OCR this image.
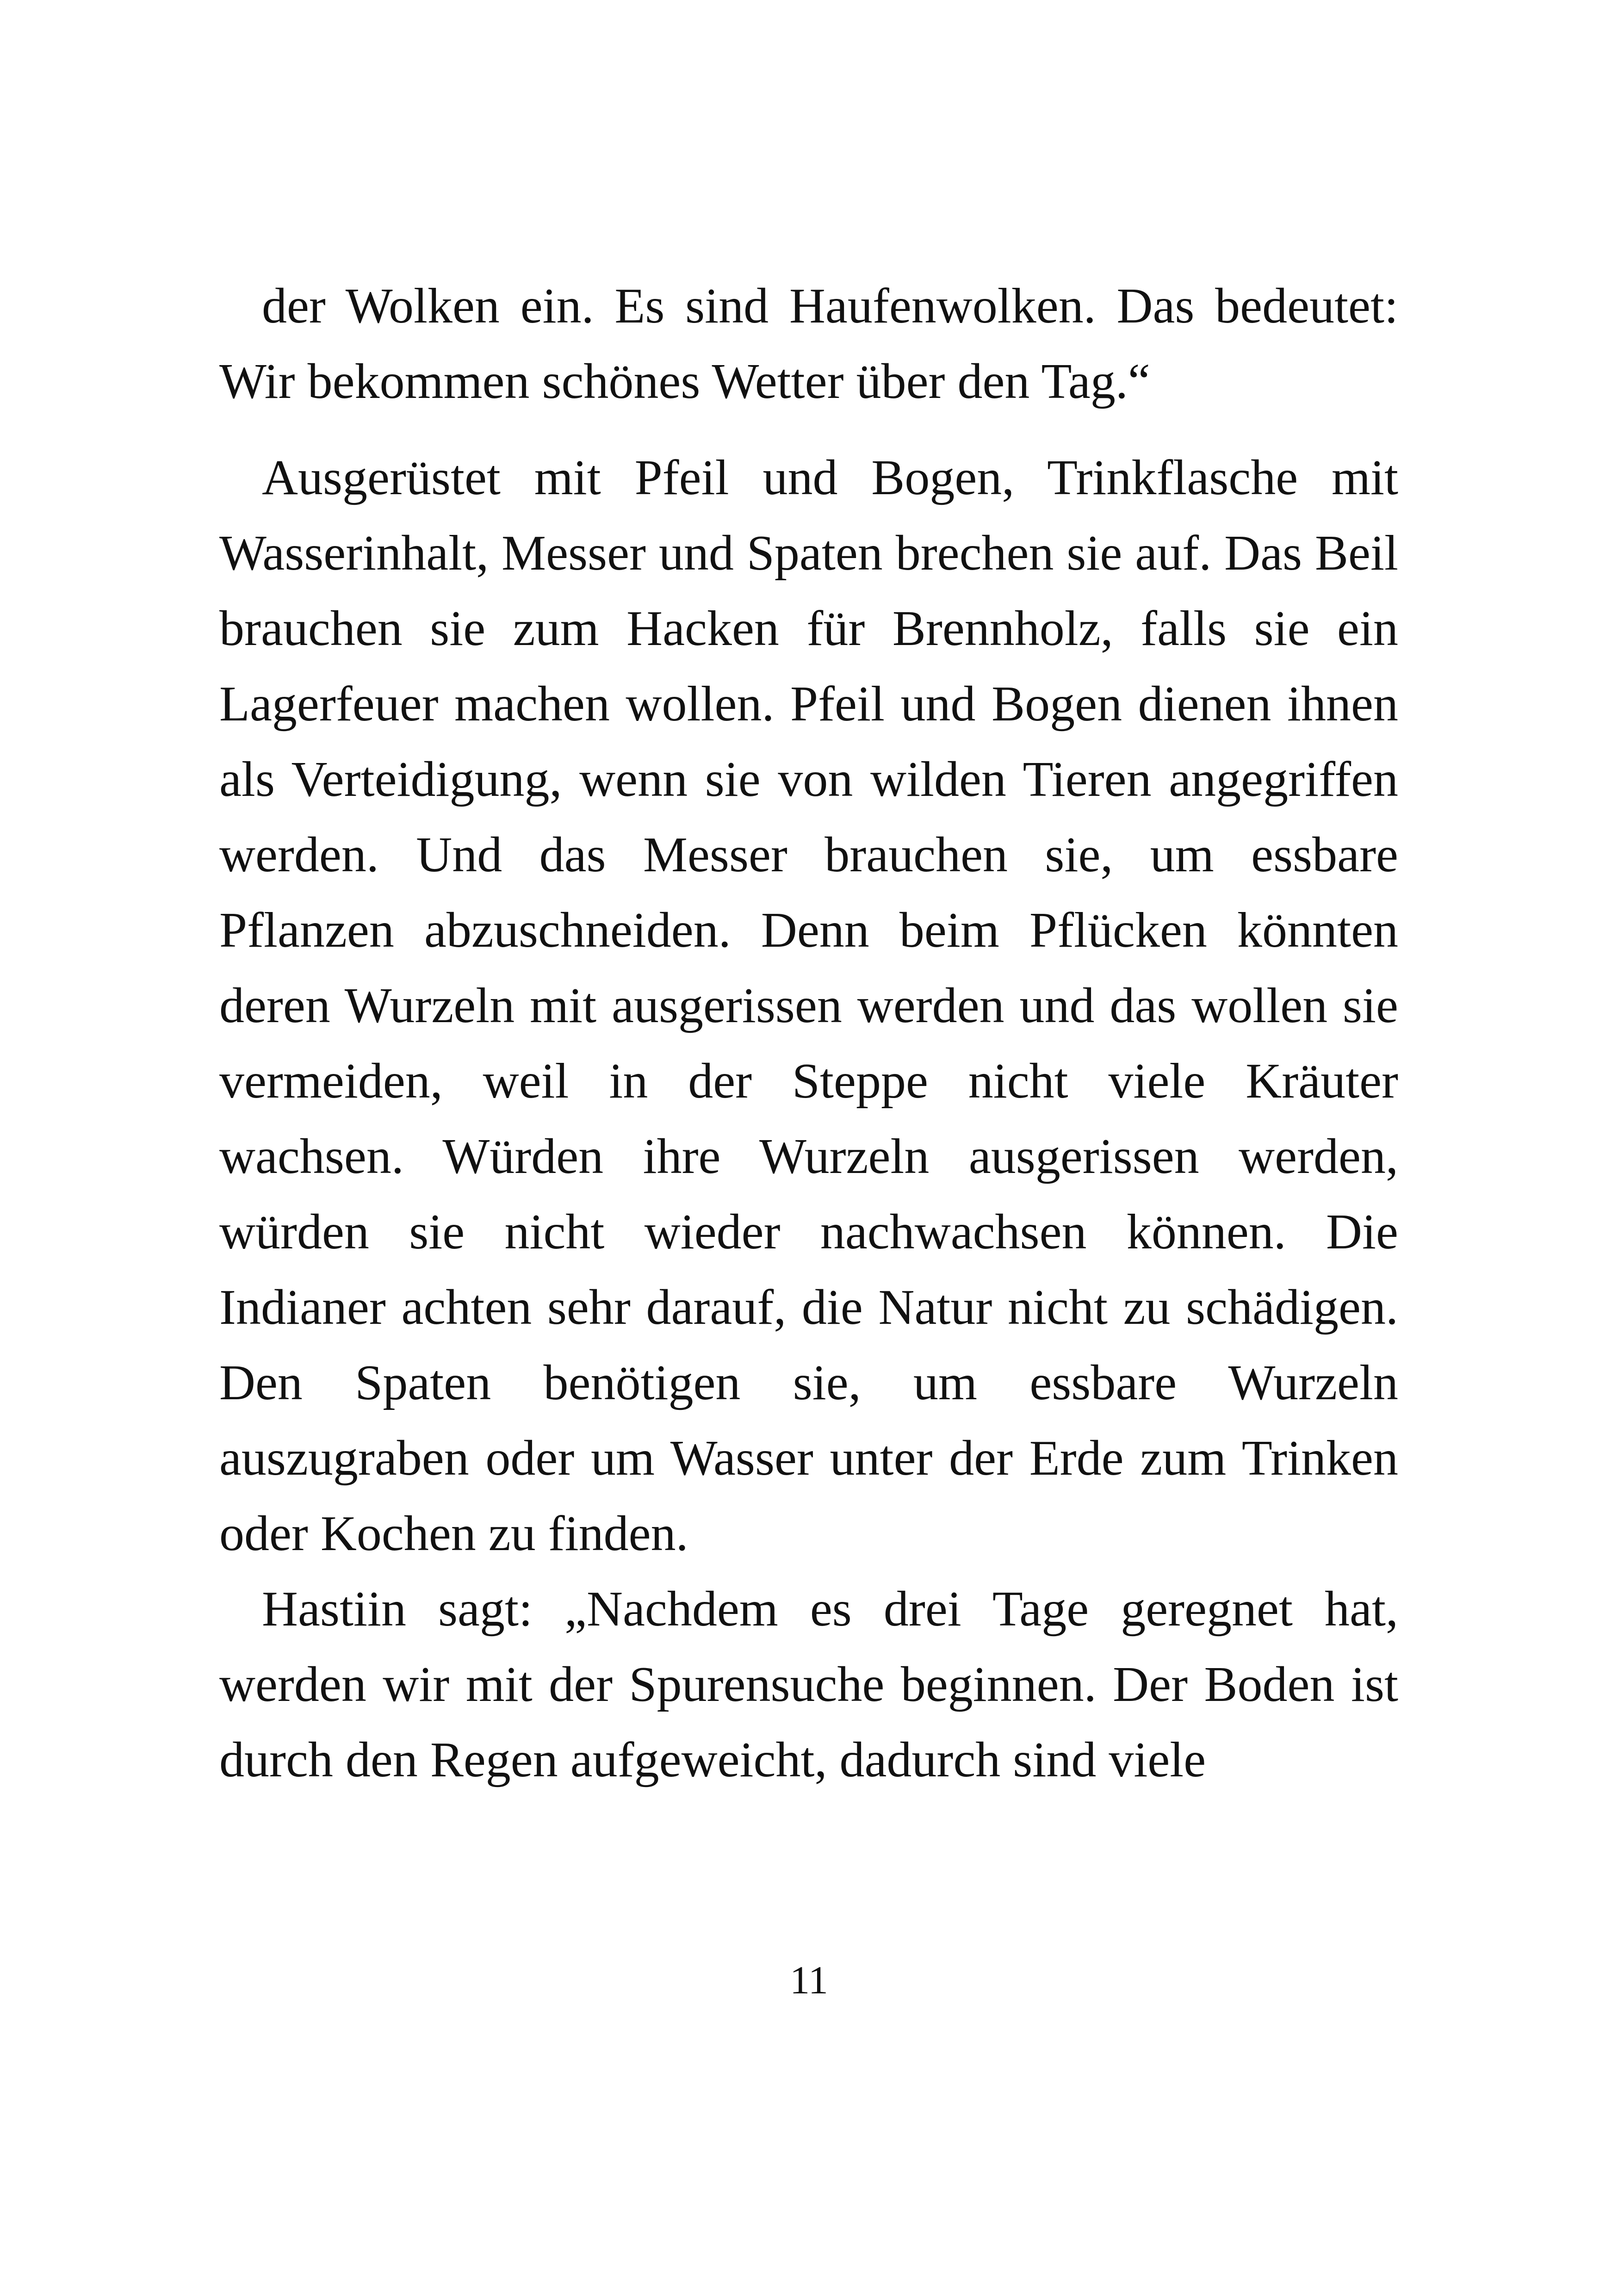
der Wolken ein. Es sind Haufenwolken. Das bedeutet: Wir bekommen schönes Wetter über den Tag.“

Ausgerüstet mit Pfeil und Bogen, Trinkflasche mit Wasserinhalt, Messer und Spaten brechen sie auf. Das Beil brauchen sie zum Hacken für Brennholz, falls sie ein Lagerfeuer machen wollen. Pfeil und Bogen dienen ihnen als Verteidigung, wenn sie von wilden Tieren angegriffen werden. Und das Messer brauchen sie, um essbare Pflanzen abzuschneiden. Denn beim Pflücken könnten deren Wurzeln mit ausgerissen werden und das wollen sie vermeiden, weil in der Steppe nicht viele Kräuter wachsen. Würden ihre Wurzeln ausgerissen werden, würden sie nicht wieder nachwachsen können. Die Indianer achten sehr darauf, die Natur nicht zu schädigen. Den Spaten benötigen sie, um essbare Wurzeln auszugraben oder um Wasser unter der Erde zum Trinken oder Kochen zu finden.

Hastiin sagt: „Nachdem es drei Tage geregnet hat, werden wir mit der Spurensuche beginnen. Der Boden ist durch den Regen aufgeweicht, dadurch sind viele

11
